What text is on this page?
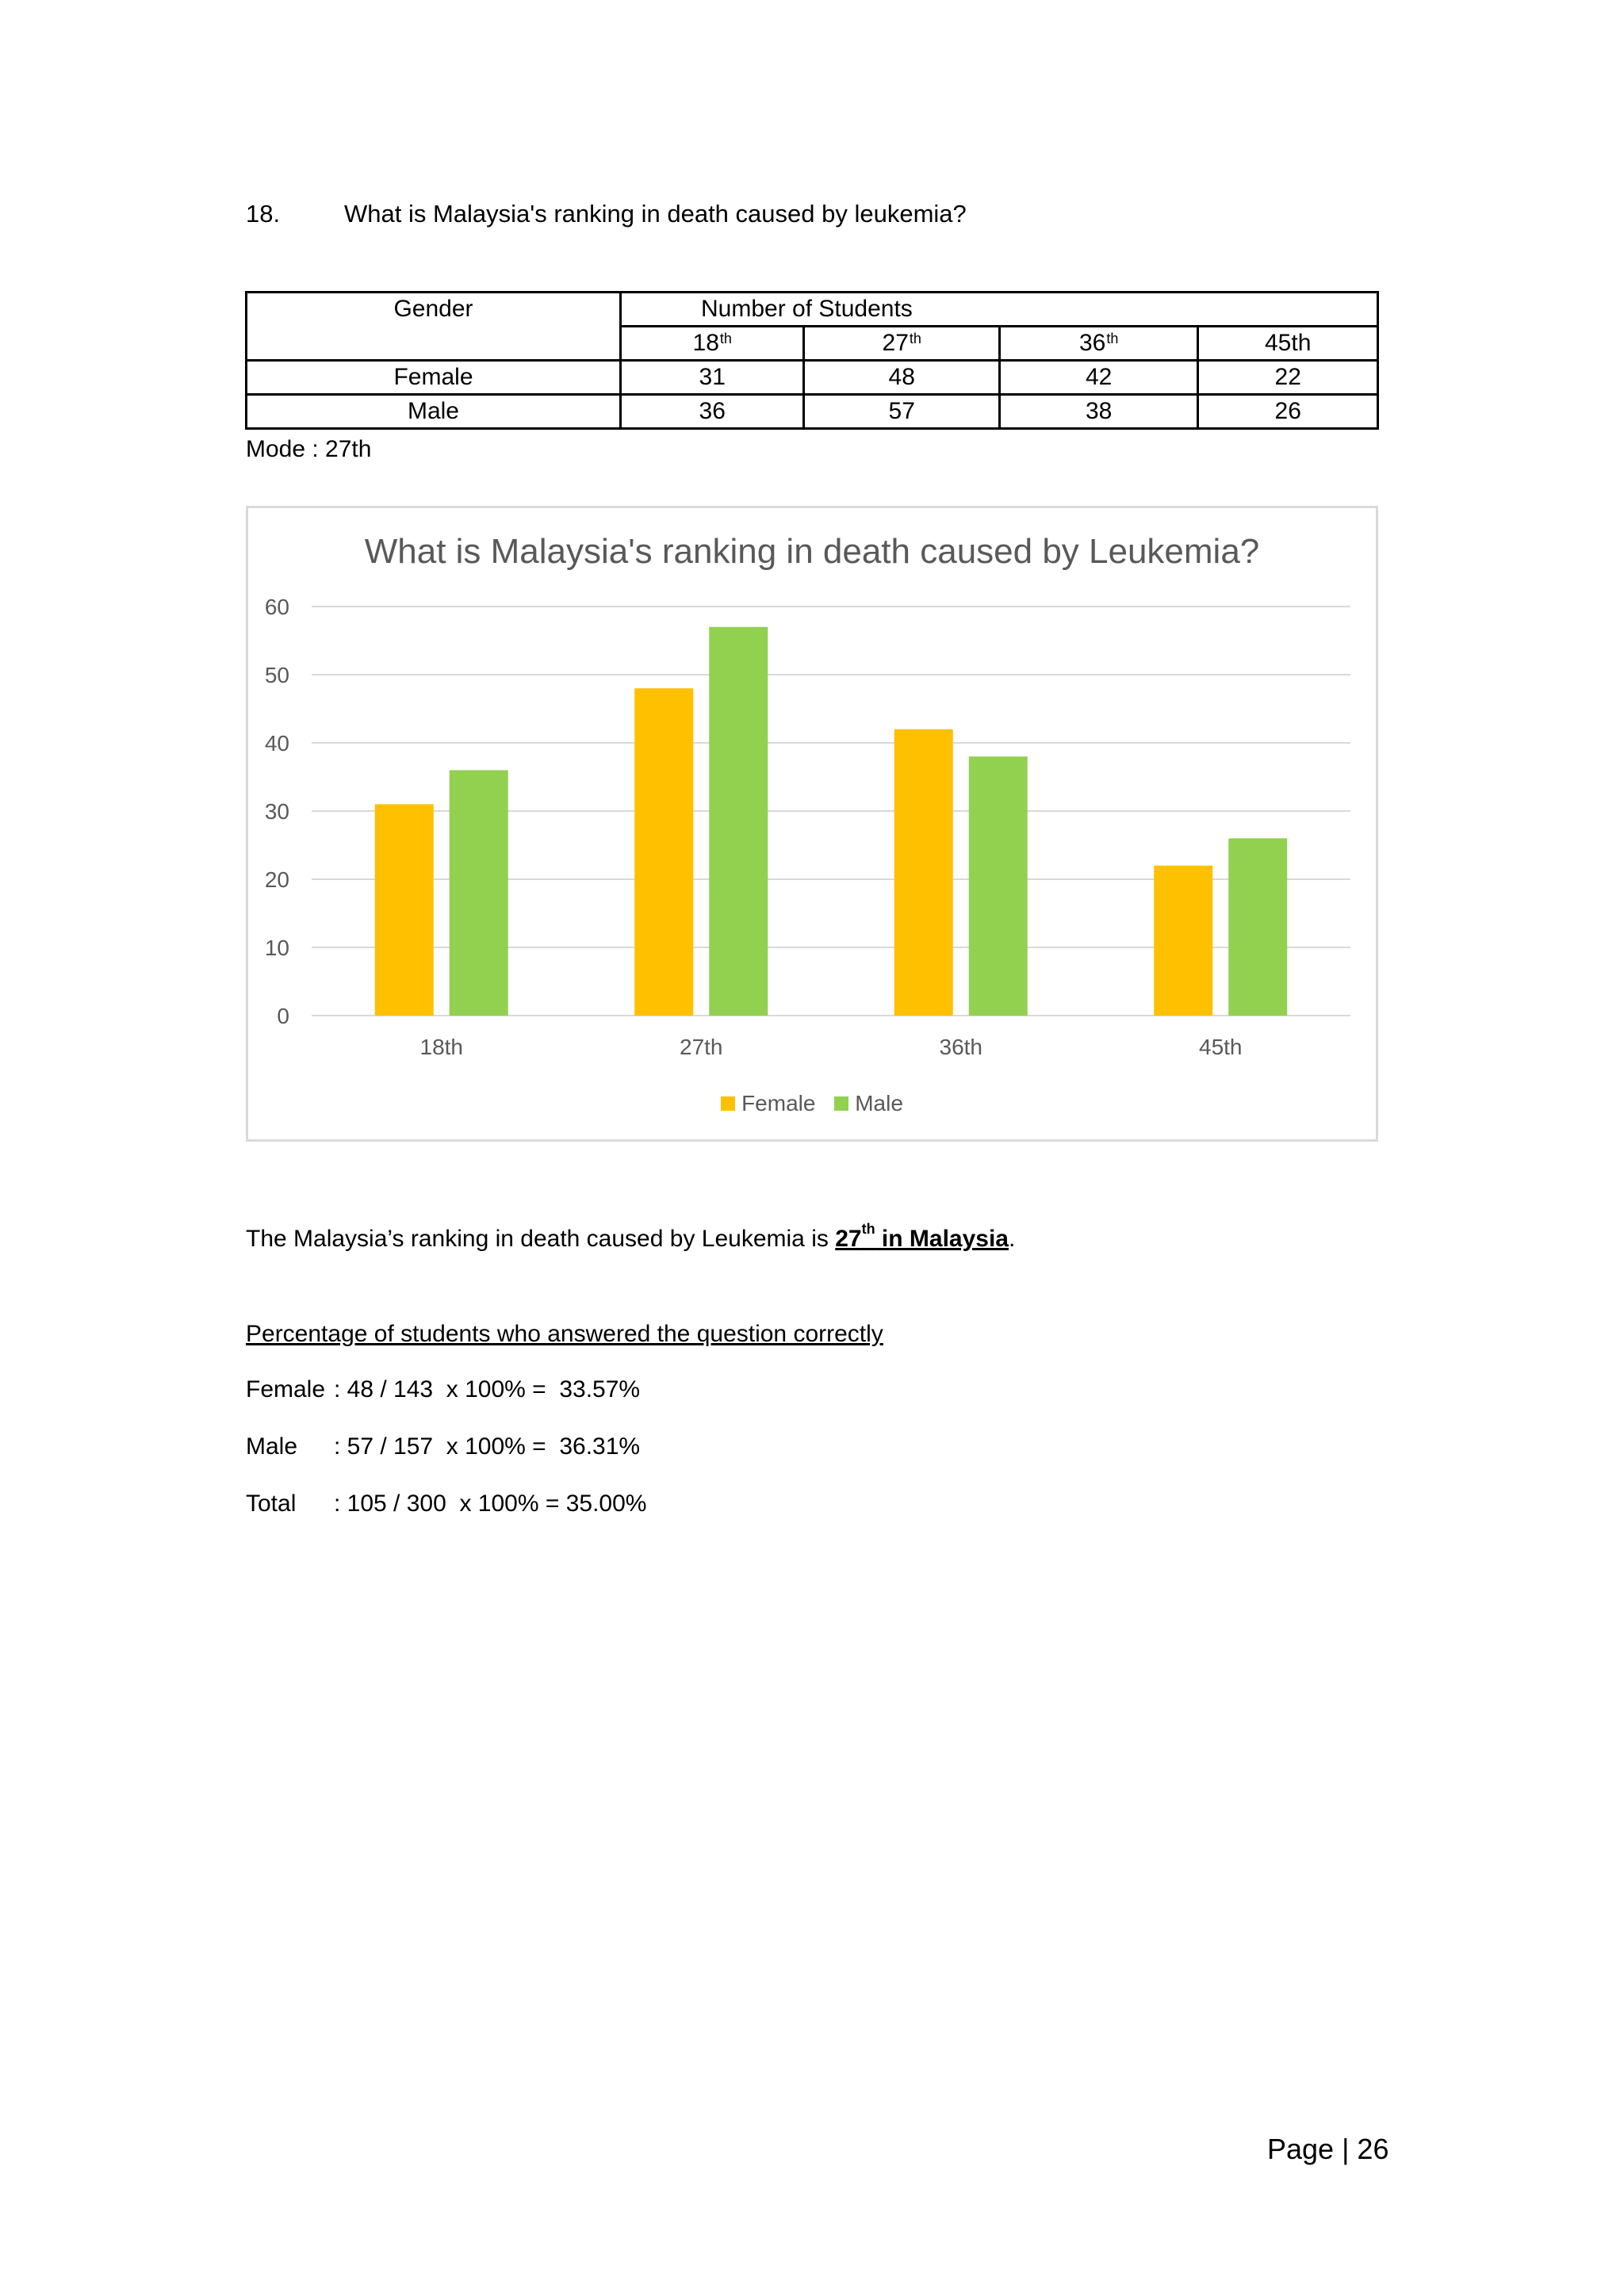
18.	What is Malaysia's ranking in death caused by leukemia?
Gender	Number of Students			
	18th	27th	36th	45th
Female	31	48	42	22
Male	36	57	38	26
Mode : 27th
What is Malaysia's ranking in death caused by Leukemia?
0
10
20
30
40
50
60
18th	27th	36th	45th
Female
Male
The Malaysia’s ranking in death caused by Leukemia is 27th in Malaysia.
Percentage of students who answered the question correctly
Female : 48 / 143  x 100% =  33.57%
Male : 57 / 157  x 100% =  36.31%
Total : 105 / 300  x 100% = 35.00%
Page | 26
